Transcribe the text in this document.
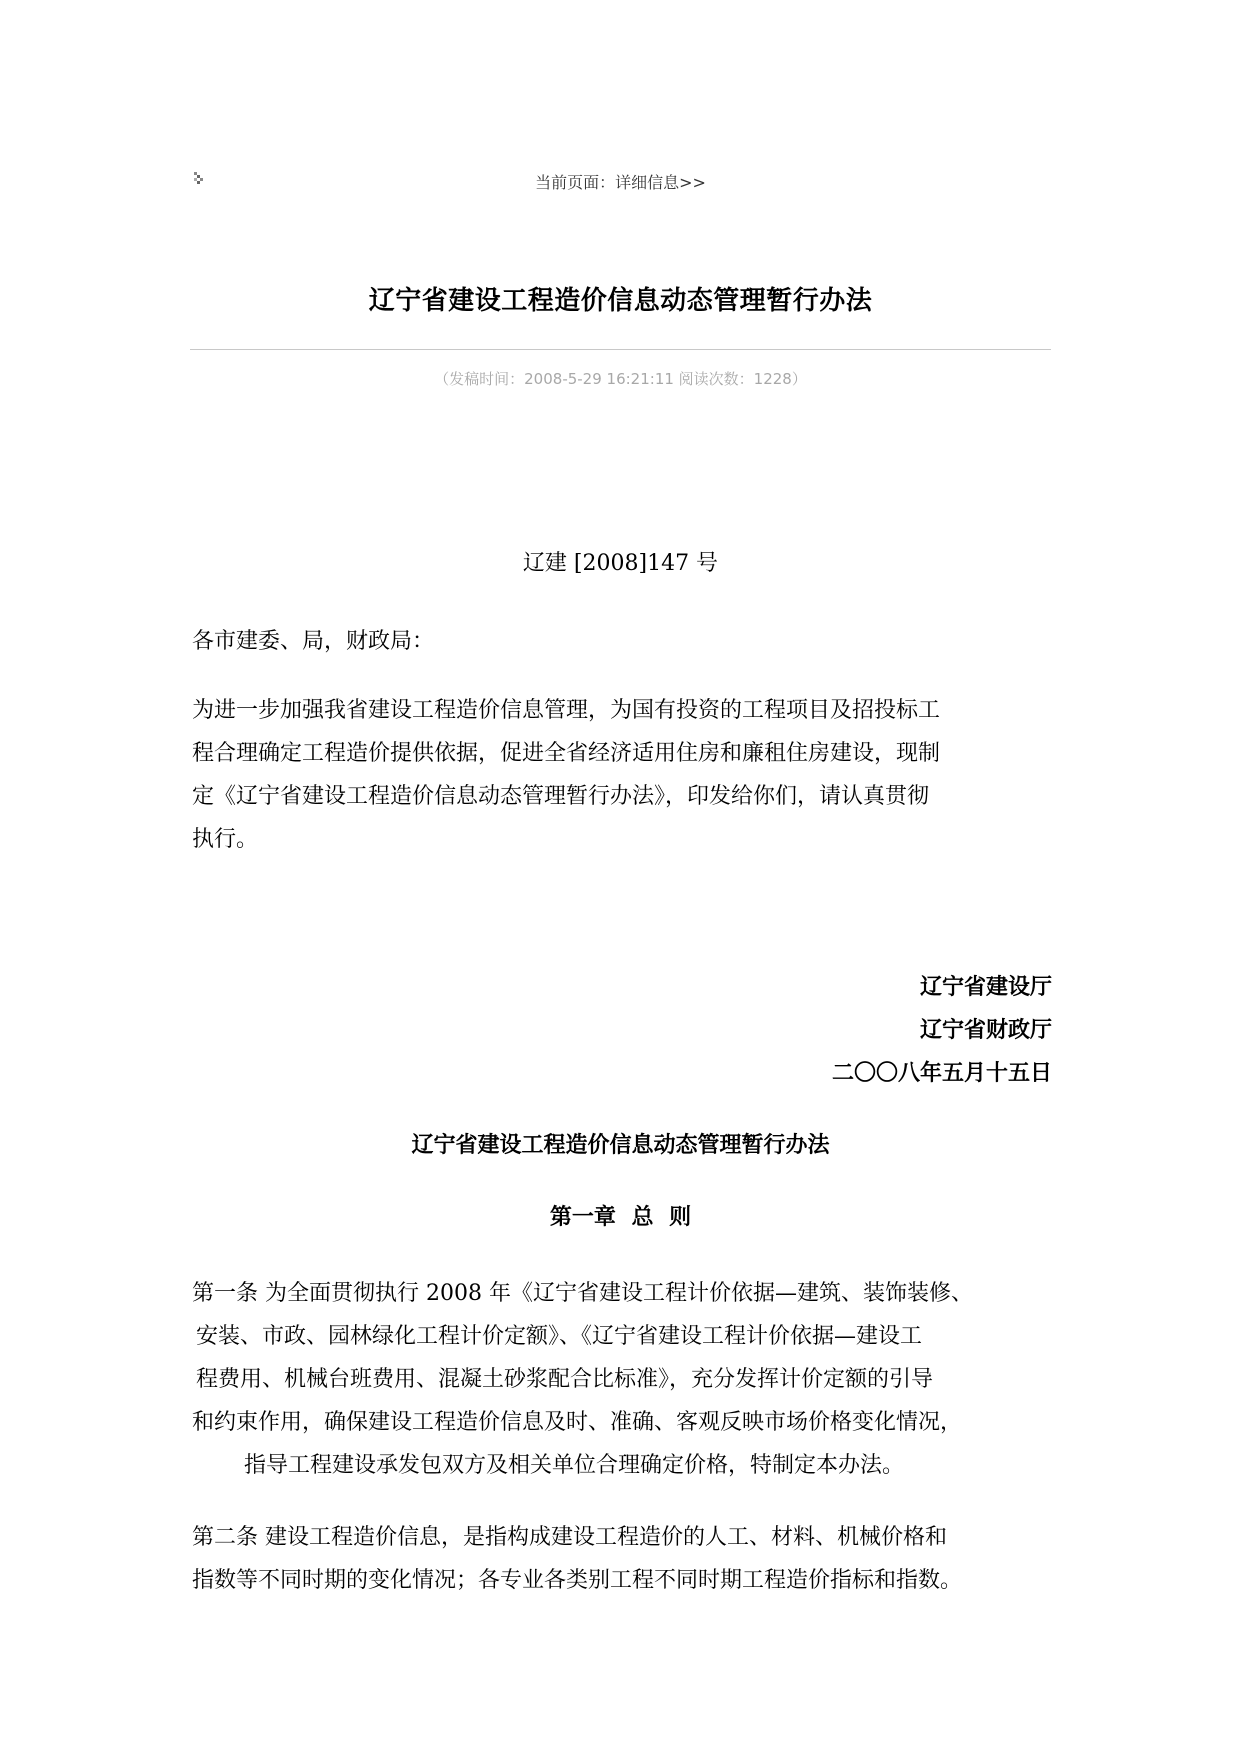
当前页面：详细信息>>
辽宁省建设工程造价信息动态管理暂行办法
（发稿时间：2008-5-29 16:21:11 阅读次数：1228）
辽建 [2008]147 号
各市建委、局，财政局：
为进一步加强我省建设工程造价信息管理，为国有投资的工程项目及招投标工
程合理确定工程造价提供依据，促进全省经济适用住房和廉租住房建设，现制
定《辽宁省建设工程造价信息动态管理暂行办法》，印发给你们，请认真贯彻
执行。
辽宁省建设厅
辽宁省财政厅
二〇〇八年五月十五日
辽宁省建设工程造价信息动态管理暂行办法
第一章 总 则
第一条 为全面贯彻执行 2008 年《辽宁省建设工程计价依据—建筑、装饰装修、
安装、市政、园林绿化工程计价定额》、《辽宁省建设工程计价依据—建设工
程费用、机械台班费用、混凝土砂浆配合比标准》，充分发挥计价定额的引导
和约束作用，确保建设工程造价信息及时、准确、客观反映市场价格变化情况，
指导工程建设承发包双方及相关单位合理确定价格，特制定本办法。
第二条 建设工程造价信息，是指构成建设工程造价的人工、材料、机械价格和
指数等不同时期的变化情况；各专业各类别工程不同时期工程造价指标和指数。
